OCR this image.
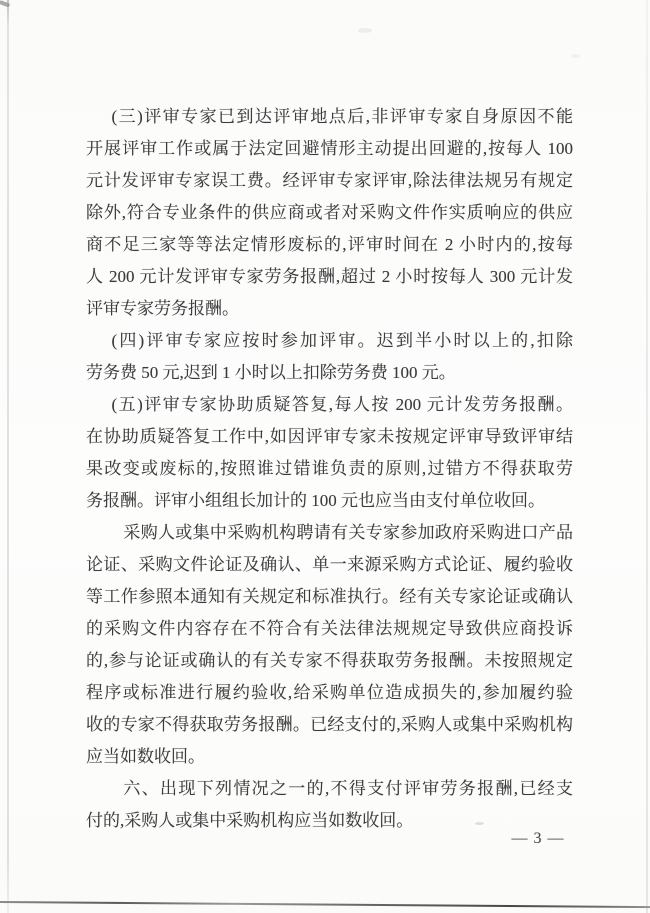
(三)评审专家已到达评审地点后,非评审专家自身原因不能
开展评审工作或属于法定回避情形主动提出回避的,按每人 100
元计发评审专家误工费。经评审专家评审,除法律法规另有规定
除外,符合专业条件的供应商或者对采购文件作实质响应的供应
商不足三家等等法定情形废标的,评审时间在 2 小时内的,按每
人 200 元计发评审专家劳务报酬,超过 2 小时按每人 300 元计发
评审专家劳务报酬。
(四)评审专家应按时参加评审。迟到半小时以上的,扣除
劳务费 50 元,迟到 1 小时以上扣除劳务费 100 元。
(五)评审专家协助质疑答复,每人按 200 元计发劳务报酬。
在协助质疑答复工作中,如因评审专家未按规定评审导致评审结
果改变或废标的,按照谁过错谁负责的原则,过错方不得获取劳
务报酬。评审小组组长加计的 100 元也应当由支付单位收回。
采购人或集中采购机构聘请有关专家参加政府采购进口产品
论证、采购文件论证及确认、单一来源采购方式论证、履约验收
等工作参照本通知有关规定和标准执行。经有关专家论证或确认
的采购文件内容存在不符合有关法律法规规定导致供应商投诉
的,参与论证或确认的有关专家不得获取劳务报酬。未按照规定
程序或标准进行履约验收,给采购单位造成损失的,参加履约验
收的专家不得获取劳务报酬。已经支付的,采购人或集中采购机构
应当如数收回。
六、出现下列情况之一的,不得支付评审劳务报酬,已经支
付的,采购人或集中采购机构应当如数收回。
— 3 —
